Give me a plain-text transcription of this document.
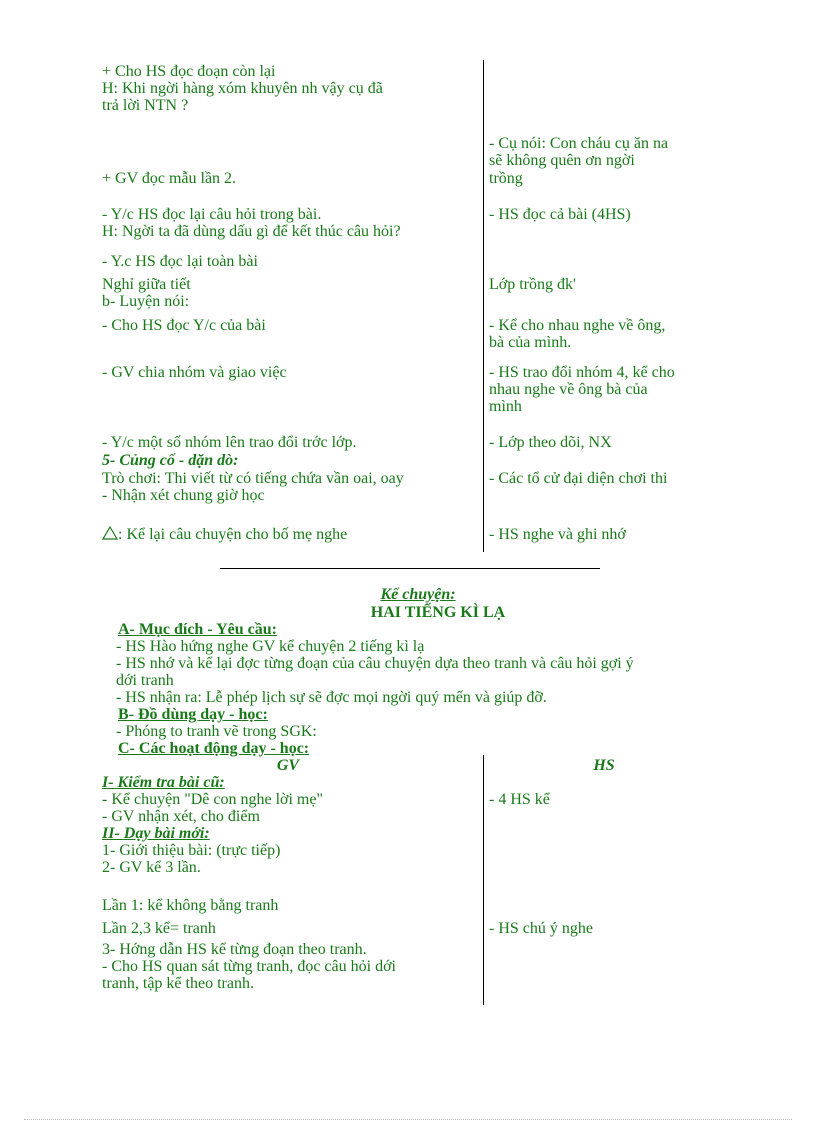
+ Cho HS đọc đoạn còn lại
H: Khi ngời hàng xóm khuyên nh vậy cụ đã
trả lời NTN ?
+ GV đọc mẫu lần 2.
- Y/c HS đọc lại câu hỏi trong bài.
H: Ngời ta đã dùng dấu gì để kết thúc câu hỏi?
- Y.c HS đọc lại toàn bài
Nghỉ giữa tiết
b- Luyện nói:
- Cho HS đọc Y/c của bài
- GV chia nhóm và giao việc
- Y/c một số nhóm lên trao đổi trớc lớp.
5- Củng cố - dặn dò:
Trò chơi: Thi viết từ có tiếng chứa vần oai, oay
- Nhận xét chung giờ học
: Kể lại câu chuyện cho bố mẹ nghe
- Cụ nói: Con cháu cụ ăn na
sẽ không quên ơn ngời
trồng
- HS đọc cả bài (4HS)
Lớp trồng đk'
- Kể cho nhau nghe về ông,
bà của mình.
- HS trao đổi nhóm 4, kể cho
nhau nghe về ông bà của
mình
- Lớp theo dõi, NX
- Các tổ cử đại diện chơi thi
- HS nghe và ghi nhớ
Kể chuyện:
HAI TIẾNG KÌ LẠ
A- Mục đích - Yêu cầu:
- HS Hào hứng nghe GV kể chuyện 2 tiếng kì lạ
- HS nhớ và kể lại đợc từng đoạn của câu chuyện dựa theo tranh và câu hỏi gợi ý
dới tranh
- HS nhận ra: Lễ phép lịch sự sẽ đợc mọi ngời quý mến và giúp đỡ.
B- Đồ dùng dạy - học:
- Phóng to tranh vẽ trong SGK:
C- Các hoạt động dạy - học:
GV	HS
I- Kiểm tra bài cũ:
- Kể chuyện "Dê con nghe lời mẹ"
- GV nhận xét, cho điểm
II- Dạy bài mới:
1- Giới thiệu bài: (trực tiếp)
2- GV kể 3 lần.
Lần 1: kể không bằng tranh
Lần 2,3 kể= tranh
3- Hớng dẫn HS kể từng đoạn theo tranh.
- Cho HS quan sát từng tranh, đọc câu hỏi dới
tranh, tập kể theo tranh.
- 4 HS kể
- HS chú ý nghe
